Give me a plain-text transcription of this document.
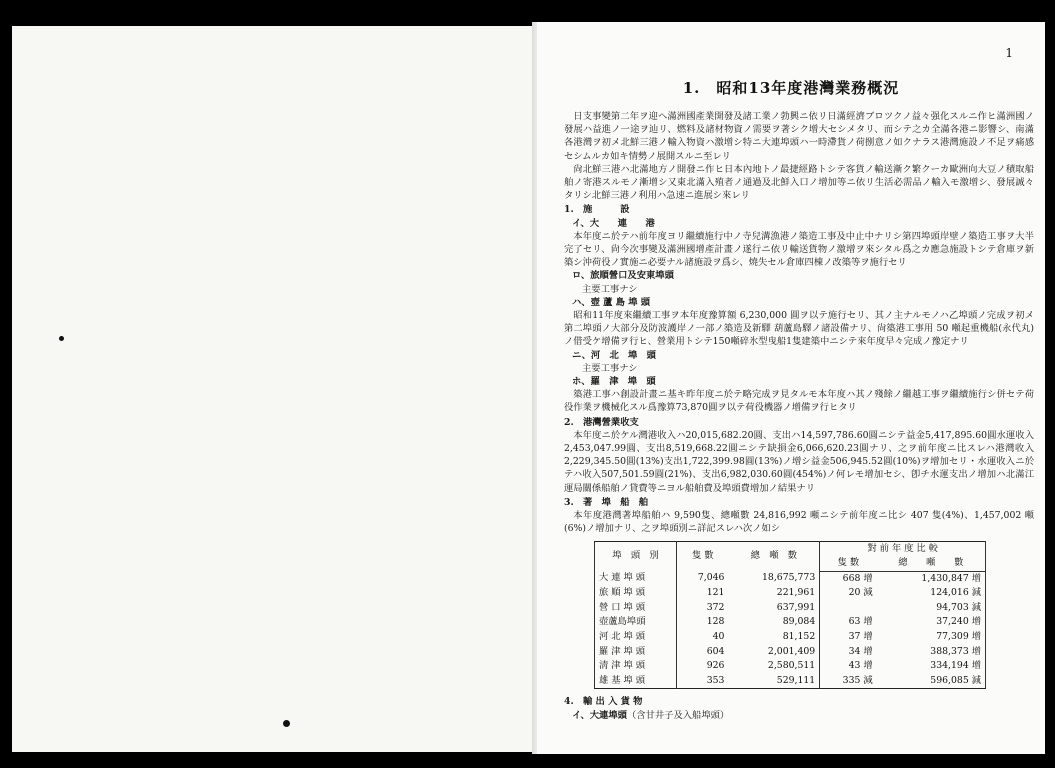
1
1.　昭和13年度港灣業務概況

日支事變第二年ヲ迎ヘ滿洲國產業開發及諸工業ノ勃興ニ依リ日滿經濟ブロツクノ益々强化スルニ作ヒ滿洲國ノ發展ハ益進ノ一途ヲ辿リ、燃料及諸材物資ノ需要ヲ著シク增大セシメタリ、而シテ之カ全滿各港ニ影響シ、南滿各港灣ヲ初メ北鮮三港ノ輸入物資ハ激增シ特ニ大連埠頭ハ一時滯貨ノ荷捌意ノ如クナラス港灣施設ノ不足ヲ痛感セシムルカ如キ情勢ノ展開スルニ至レリ

尙北鮮三港ハ北滿地方ノ開發ニ作ヒ日本內地トノ最捷經路トシテ客貨ノ輸送漸ク繁クーカ歐洲向大豆ノ積取船舶ノ寄港スルモノ漸增シ又東北滿入殖者ノ通過及北鮮入口ノ增加等ニ依リ生活必需品ノ輸入モ激增シ、發展誠々タリシ北鮮三港ノ利用ハ急速ニ進展シ來レリ

1.　施　　　設
イ、大　　連　　港

本年度ニ於テハ前年度ヨリ繼續施行中ノ寺兒溝漁港ノ築造工事及中止中ナリシ第四埠頭岸壁ノ築造工事ヲ大半完了セリ、尙今次事變及滿洲國增產計畫ノ遂行ニ依リ輸送貨物ノ激增ヲ來シタル爲之カ應急施設トシテ倉庫ヲ新築シ沖荷役ノ實施ニ必要ナル諸施設ヲ爲シ、燒失セル倉庫四棟ノ改築等ヲ施行セリ

ロ、旅順營口及安東埠頭
主要工事ナシ
ハ、壺 蘆 島 埠 頭

昭和11年度來繼續工事ヲ本年度豫算額 6,230,000 圓ヲ以テ施行セリ、其ノ主ナルモノハ乙埠頭ノ完成ヲ初メ第二埠頭ノ大部分及防波護岸ノ一部ノ築造及新驛 葫蘆島驛ノ諸設備ナリ、尙築港工事用 50 噸起重機船(永代丸)ノ借受ケ增備ヲ行ヒ、營業用トシテ150噸碎氷型曳船1隻建築中ニシテ來年度早々完成ノ豫定ナリ

ニ、河　北　埠　頭
主要工事ナシ
ホ、羅　津　埠　頭

築港工事ハ創設計畫ニ基キ昨年度ニ於テ略完成ヲ見タルモ本年度ハ其ノ殘餘ノ繼越工事ヲ繼續施行シ併セテ荷役作業ヲ機械化スル爲豫算73,870圓ヲ以テ荷役機器ノ增備ヲ行ヒタリ

2.　港灣營業收支

本年度ニ於ケル灣港收入ハ20,015,682.20圓、支出ハ14,597,786.60圓ニシテ益金5,417,895.60圓水運收入2,453,047.99圓、支出8,519,668.22圓ニシテ缺損金6,066,620.23圓ナリ、之ヲ前年度ニ比スレハ港灣收入2,229,345.50圓(13%)支出1,722,399.98圓(13%)ノ增シ益金506,945.52圓(10%)ヲ增加セリ・水運收入ニ於テハ收入507,501.59圓(21%)、支出6,982,030.60圓(454%)ノ何レモ增加セシ、卽チ水運支出ノ增加ハ北滿江運局關係船舶ノ貸費等ニヨル船舶費及埠頭費增加ノ結果ナリ

3.　著　埠　船　舶

本年度港灣著埠船舶ハ 9,590隻、總噸數 24,816,992 噸ニシテ前年度ニ比シ 407 隻(4%)、1,457,002 噸(6%)ノ增加ナリ、之ヲ埠頭別ニ詳記スレハ次ノ如シ

埠　頭　別	隻 數	總　噸　數	對 前 年 度 比 較	
			隻 數	總　　噸　　數
大 連 埠 頭	7,046	18,675,773	668 增	1,430,847 增
旅 順 埠 頭	121	221,961	20 減	124,016 減
營 口 埠 頭	372	637,991		94,703 減
壺蘆島埠頭	128	89,084	63 增	37,240 增
河 北 埠 頭	40	81,152	37 增	77,309 增
羅 津 埠 頭	604	2,001,409	34 增	388,373 增
淸 津 埠 頭	926	2,580,511	43 增	334,194 增
雄 基 埠 頭	353	529,111	335 減	596,085 減
4.　輸 出 入 貨 物
イ、大連埠頭（含甘井子及入船埠頭）
